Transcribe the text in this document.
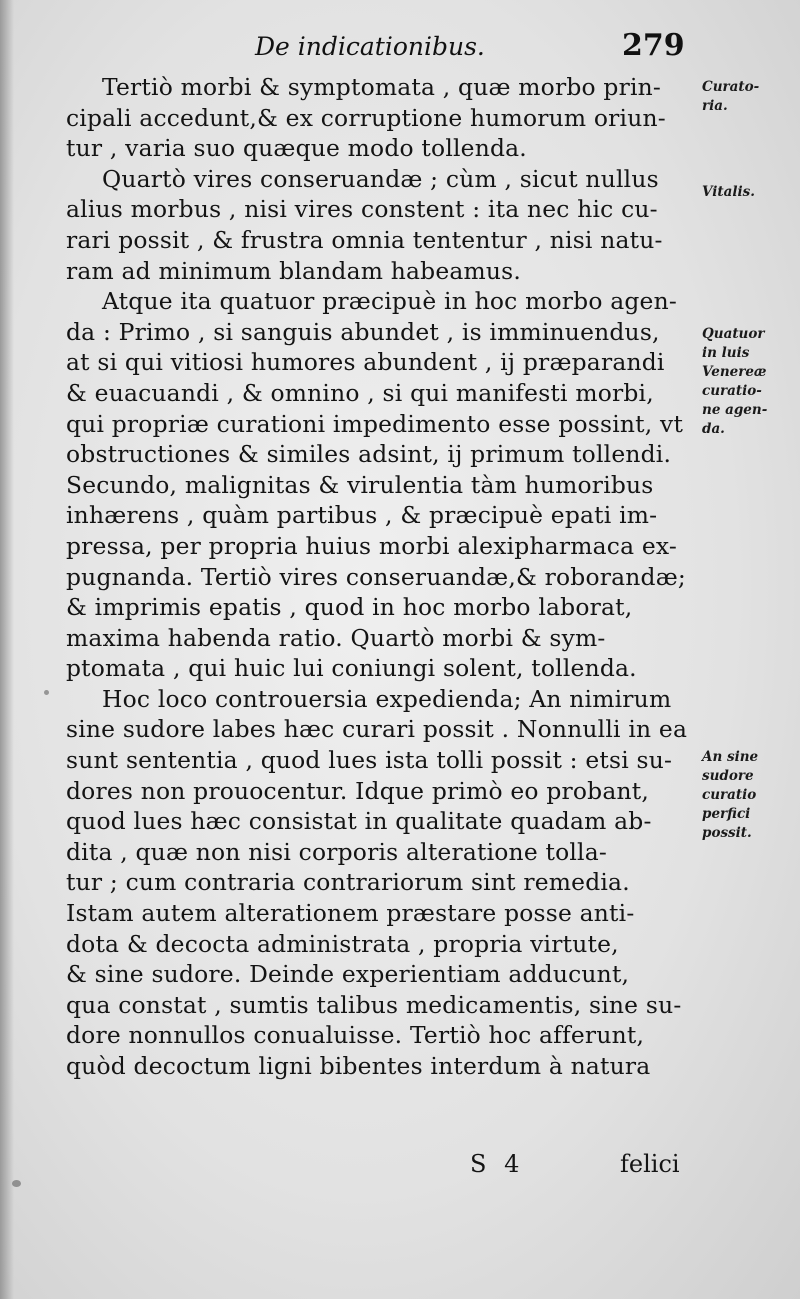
De indicationibus.	279
Tertiò morbi & symptomata , quæ morbo prin-
cipali accedunt,& ex corruptione humorum oriun-
tur , varia suo quæque modo tollenda.
Quartò vires conseruandæ ; cùm , sicut nullus
alius morbus , nisi vires constent : ita nec hic cu-
rari possit , & frustra omnia tententur , nisi natu-
ram ad minimum blandam habeamus.
Atque ita quatuor præcipuè in hoc morbo agen-
da : Primo , si sanguis abundet , is imminuendus,
at si qui vitiosi humores abundent , ij præparandi
& euacuandi , & omnino , si qui manifesti morbi,
qui propriæ curationi impedimento esse possint, vt
obstructiones & similes adsint, ij primum tollendi.
Secundo, malignitas & virulentia tàm humoribus
inhærens , quàm partibus , & præcipuè epati im-
pressa, per propria huius morbi alexipharmaca ex-
pugnanda. Tertiò vires conseruandæ,& roborandæ;
& imprimis epatis , quod in hoc morbo laborat,
maxima habenda ratio. Quartò morbi & sym-
ptomata , qui huic lui coniungi solent, tollenda.
Hoc loco controuersia expedienda; An nimirum
sine sudore labes hæc curari possit . Nonnulli in ea
sunt sententia , quod lues ista tolli possit : etsi su-
dores non prouocentur. Idque primò eo probant,
quod lues hæc consistat in qualitate quadam ab-
dita , quæ non nisi corporis alteratione tolla-
tur ; cum contraria contrariorum sint remedia.
Istam autem alterationem præstare posse anti-
dota & decocta administrata , propria virtute,
& sine sudore. Deinde experientiam adducunt,
qua constat , sumtis talibus medicamentis, sine su-
dore nonnullos conualuisse. Tertiò hoc afferunt,
quòd decoctum ligni bibentes interdum à natura
Curato-
ria.
Vitalis.
Quatuor
in luis
Venereæ
curatio-
ne agen-
da.
An sine
sudore
curatio
perfici
possit.
S 4	felici
